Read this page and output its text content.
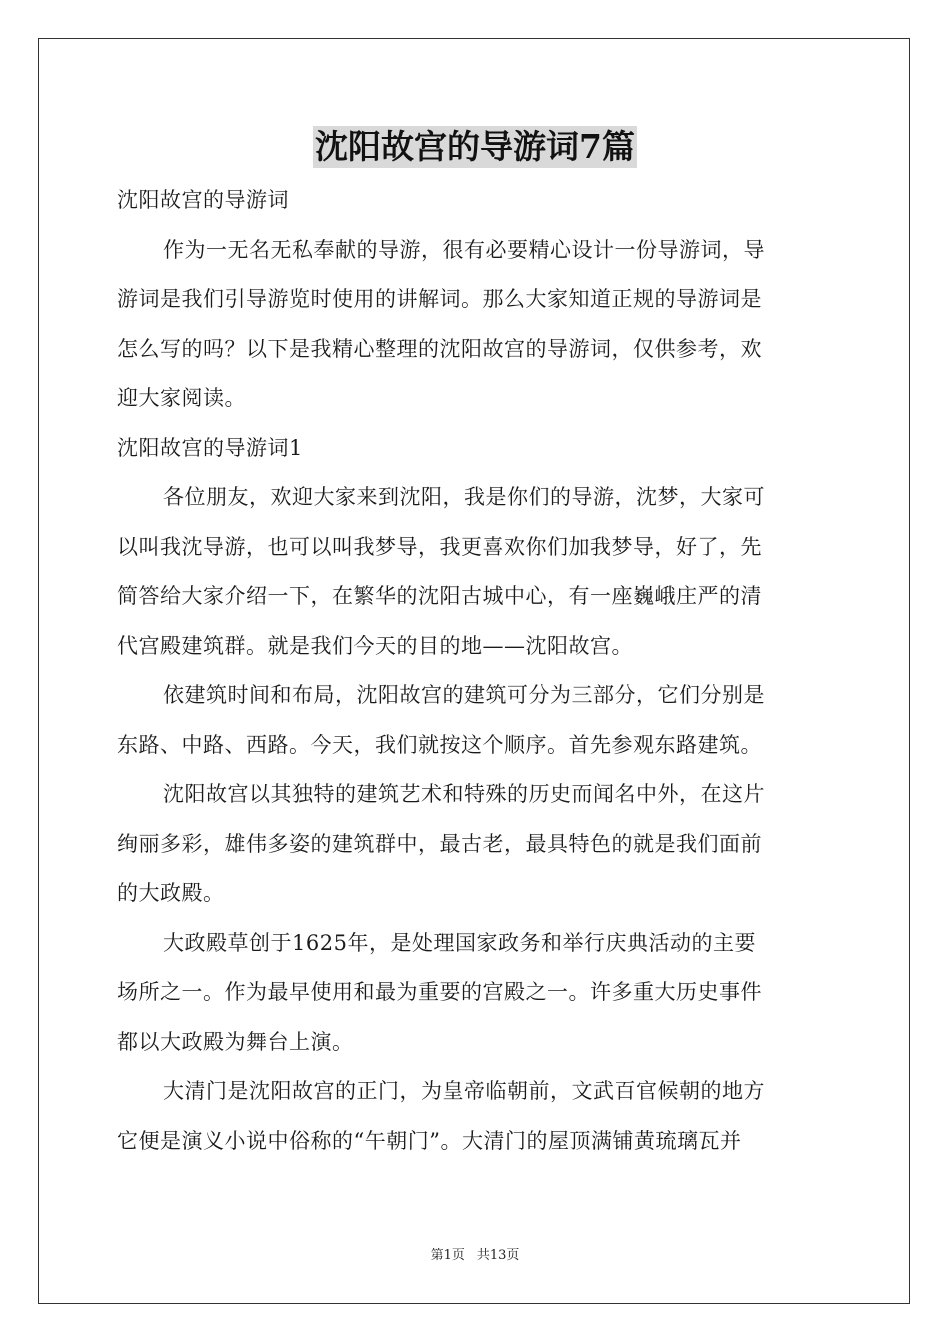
沈阳故宫的导游词7篇
沈阳故宫的导游词
作为一无名无私奉献的导游，很有必要精心设计一份导游词，导
游词是我们引导游览时使用的讲解词。那么大家知道正规的导游词是
怎么写的吗？以下是我精心整理的沈阳故宫的导游词，仅供参考，欢
迎大家阅读。
沈阳故宫的导游词1
各位朋友，欢迎大家来到沈阳，我是你们的导游，沈梦，大家可
以叫我沈导游，也可以叫我梦导，我更喜欢你们加我梦导，好了，先
简答给大家介绍一下，在繁华的沈阳古城中心，有一座巍峨庄严的清
代宫殿建筑群。就是我们今天的目的地——沈阳故宫。
依建筑时间和布局，沈阳故宫的建筑可分为三部分，它们分别是
东路、中路、西路。今天，我们就按这个顺序。首先参观东路建筑。
沈阳故宫以其独特的建筑艺术和特殊的历史而闻名中外，在这片
绚丽多彩，雄伟多姿的建筑群中，最古老，最具特色的就是我们面前
的大政殿。
大政殿草创于1625年，是处理国家政务和举行庆典活动的主要
场所之一。作为最早使用和最为重要的宫殿之一。许多重大历史事件
都以大政殿为舞台上演。
大清门是沈阳故宫的正门，为皇帝临朝前，文武百官候朝的地方
它便是演义小说中俗称的“午朝门”。大清门的屋顶满铺黄琉璃瓦并
第1页 共13页
